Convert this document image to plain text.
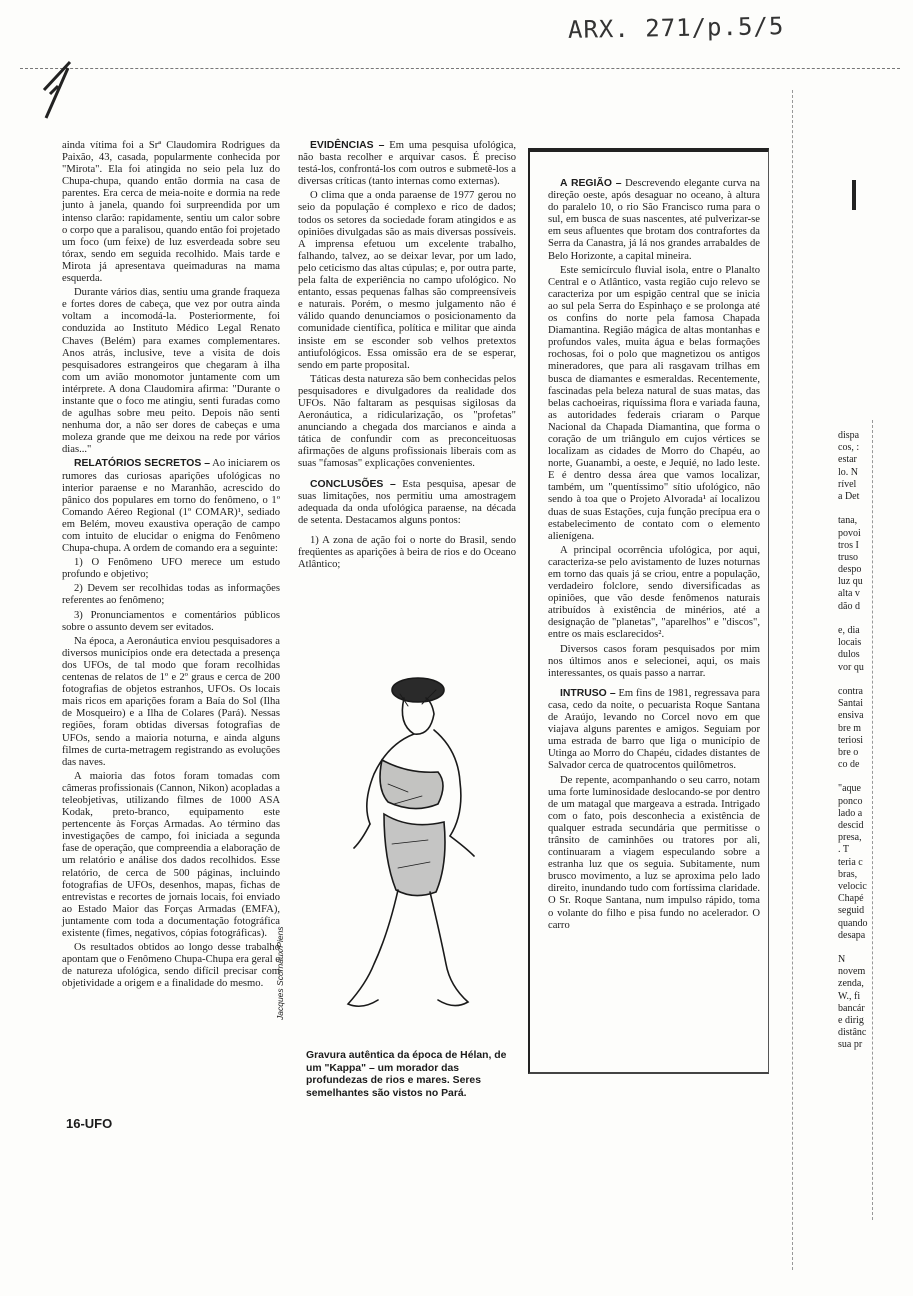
ARX. 271/p.5/5

ainda vítima foi a Srª Claudomira Rodrigues da Paixão, 43, casada, popularmente conhecida por "Mirota". Ela foi atingida no seio pela luz do Chupa-chupa, quando então dormia na casa de parentes. Era cerca de meia-noite e dormia na rede junto à janela, quando foi surpreendida por um intenso clarão: rapidamente, sentiu um calor sobre o corpo que a paralisou, quando então foi projetado um foco (um feixe) de luz esverdeada sobre seu tórax, sendo em seguida recolhido. Mais tarde e Mirota já apresentava queimaduras na mama esquerda.

Durante vários dias, sentiu uma grande fraqueza e fortes dores de cabeça, que vez por outra ainda voltam a incomodá-la. Posteriormente, foi conduzida ao Instituto Médico Legal Renato Chaves (Belém) para exames complementares. Anos atrás, inclusive, teve a visita de dois pesquisadores estrangeiros que chegaram à ilha com um avião monomotor juntamente com um intérprete. A dona Claudomira afirma: "Durante o instante que o foco me atingiu, senti furadas como de agulhas sobre meu peito. Depois não senti nenhuma dor, a não ser dores de cabeças e uma moleza grande que me deixou na rede por vários dias..."

RELATÓRIOS SECRETOS – Ao iniciarem os rumores das curiosas aparições ufológicas no interior paraense e no Maranhão, acrescido do pânico dos populares em torno do fenômeno, o 1º Comando Aéreo Regional (1º COMAR)¹, sediado em Belém, moveu exaustiva operação de campo com intuito de elucidar o enigma do Fenômeno Chupa-chupa. A ordem de comando era a seguinte:

1) O Fenômeno UFO merece um estudo profundo e objetivo;

2) Devem ser recolhidas todas as informações referentes ao fenômeno;

3) Pronunciamentos e comentários públicos sobre o assunto devem ser evitados.

Na época, a Aeronáutica enviou pesquisadores a diversos municípios onde era detectada a presença dos UFOs, de tal modo que foram recolhidas centenas de relatos de 1º e 2º graus e cerca de 200 fotografias de objetos estranhos, UFOs. Os locais mais ricos em aparições foram a Baía do Sol (Ilha de Mosqueiro) e a Ilha de Colares (Pará). Nessas regiões, foram obtidas diversas fotografias de UFOs, sendo a maioria noturna, e ainda alguns filmes de curta-metragem registrando as evoluções das naves.

A maioria das fotos foram tomadas com câmeras profissionais (Cannon, Nikon) acopladas a teleobjetivas, utilizando filmes de 1000 ASA Kodak, preto-branco, equipamento este pertencente às Forças Armadas. Ao término das investigações de campo, foi iniciada a segunda fase de operação, que compreendia a elaboração de um relatório e análise dos dados recolhidos. Esse relatório, de cerca de 500 páginas, incluindo fotografias de UFOs, desenhos, mapas, fichas de entrevistas e recortes de jornais locais, foi enviado ao Estado Maior das Forças Armadas (EMFA), juntamente com toda a documentação fotográfica existente (fimes, negativos, cópias fotográficas).

Os resultados obtidos ao longo desse trabalho apontam que o Fenômeno Chupa-Chupa era geral e de natureza ufológica, sendo difícil precisar com objetividade a origem e a finalidade do mesmo.

EVIDÊNCIAS – Em uma pesquisa ufológica, não basta recolher e arquivar casos. É preciso testá-los, confrontá-los com outros e submetê-los a diversas críticas (tanto internas como externas).

O clima que a onda paraense de 1977 gerou no seio da população é complexo e rico de dados; todos os setores da sociedade foram atingidos e as opiniões divulgadas são as mais diversas possíveis. A imprensa efetuou um excelente trabalho, falhando, talvez, ao se deixar levar, por um lado, pelo ceticismo das altas cúpulas; e, por outra parte, pela falta de experiência no campo ufológico. No entanto, essas pequenas falhas são compreensíveis e naturais. Porém, o mesmo julgamento não é válido quando denunciamos o posicionamento da comunidade científica, política e militar que ainda insiste em se esconder sob velhos pretextos antiufológicos. Essa omissão era de se esperar, sendo em parte proposital.

Táticas desta natureza são bem conhecidas pelos pesquisadores e divulgadores da realidade dos UFOs. Não faltaram as pesquisas sigilosas da Aeronáutica, a ridicularização, os "profetas" anunciando a chegada dos marcianos e ainda a tática de confundir com as preconceituosas afirmações de alguns profissionais liberais com as suas "famosas" explicações convenientes.

CONCLUSÕES – Esta pesquisa, apesar de suas limitações, nos permitiu uma amostragem adequada da onda ufológica paraense, na década de setenta. Destacamos alguns pontos:

1) A zona de ação foi o norte do Brasil, sendo freqüentes as aparições à beira de rios e do Oceano Atlântico;

Jacques Scornaux/Piens
Gravura autêntica da época de Hélan, de um "Kappa" – um morador das profundezas de rios e mares. Seres semelhantes são vistos no Pará.

A REGIÃO – Descrevendo elegante curva na direção oeste, após desaguar no oceano, à altura do paralelo 10, o rio São Francisco ruma para o sul, em busca de suas nascentes, até pulverizar-se em seus afluentes que brotam dos contrafortes da Serra da Canastra, já lá nos grandes arrabaldes de Belo Horizonte, a capital mineira.

Este semicírculo fluvial isola, entre o Planalto Central e o Atlântico, vasta região cujo relevo se caracteriza por um espigão central que se inicia ao sul pela Serra do Espinhaço e se prolonga até os confins do norte pela famosa Chapada Diamantina. Região mágica de altas montanhas e profundos vales, muita água e belas formações rochosas, foi o polo que magnetizou os antigos mineradores, que para ali rasgavam trilhas em busca de diamantes e esmeraldas. Recentemente, fascinadas pela beleza natural de suas matas, das belas cachoeiras, riquíssima flora e variada fauna, as autoridades federais criaram o Parque Nacional da Chapada Diamantina, que forma o coração de um triângulo em cujos vértices se localizam as cidades de Morro do Chapéu, ao norte, Guanambi, a oeste, e Jequié, no lado leste. E é dentro dessa área que vamos localizar, também, um "quentíssimo" sítio ufológico, não sendo à toa que o Projeto Alvorada¹ aí localizou duas de suas Estações, cuja função precípua era o estabelecimento de contato com o elemento alienígena.

A principal ocorrência ufológica, por aqui, caracteriza-se pelo avistamento de luzes noturnas em torno das quais já se criou, entre a população, verdadeiro folclore, sendo diversificadas as opiniões, que vão desde fenômenos naturais atribuídos à existência de minérios, até a designação de "planetas", "aparelhos" e "discos", entre os mais esclarecidos².

Diversos casos foram pesquisados por mim nos últimos anos e selecionei, aqui, os mais interessantes, os quais passo a narrar.

INTRUSO – Em fins de 1981, regressava para casa, cedo da noite, o pecuarista Roque Santana de Araújo, levando no Corcel novo em que viajava alguns parentes e amigos. Seguiam por uma estrada de barro que liga o município de Utinga ao Morro do Chapéu, cidades distantes de Salvador cerca de quatrocentos quilômetros.

De repente, acompanhando o seu carro, notam uma forte luminosidade deslocando-se por dentro de um matagal que margeava a estrada. Intrigado com o fato, pois desconhecia a existência de qualquer estrada secundária que permitisse o trânsito de caminhões ou tratores por ali, continuaram a viagem especulando sobre a estranha luz que os seguia. Subitamente, num brusco movimento, a luz se aproxima pelo lado direito, inundando tudo com fortíssima claridade. O Sr. Roque Santana, num impulso rápido, toma o volante do filho e pisa fundo no acelerador. O carro

dispa
cos, :
estar
lo. N
rível
a Det
tana,
povoi
tros I
truso
despo
luz qu
alta v
dão d
e, dia
locais
dulos
vor qu
contra
Santai
ensiva
bre m
teriosi
bre o
co de
"aque
ponco
lado a
descid
presa,
. T
teria c
bras,
velocic
Chapé
seguid
quando
desapa
N
novem
zenda,
W., fi
bancár
e dirig
distânc
sua pr
16-UFO
